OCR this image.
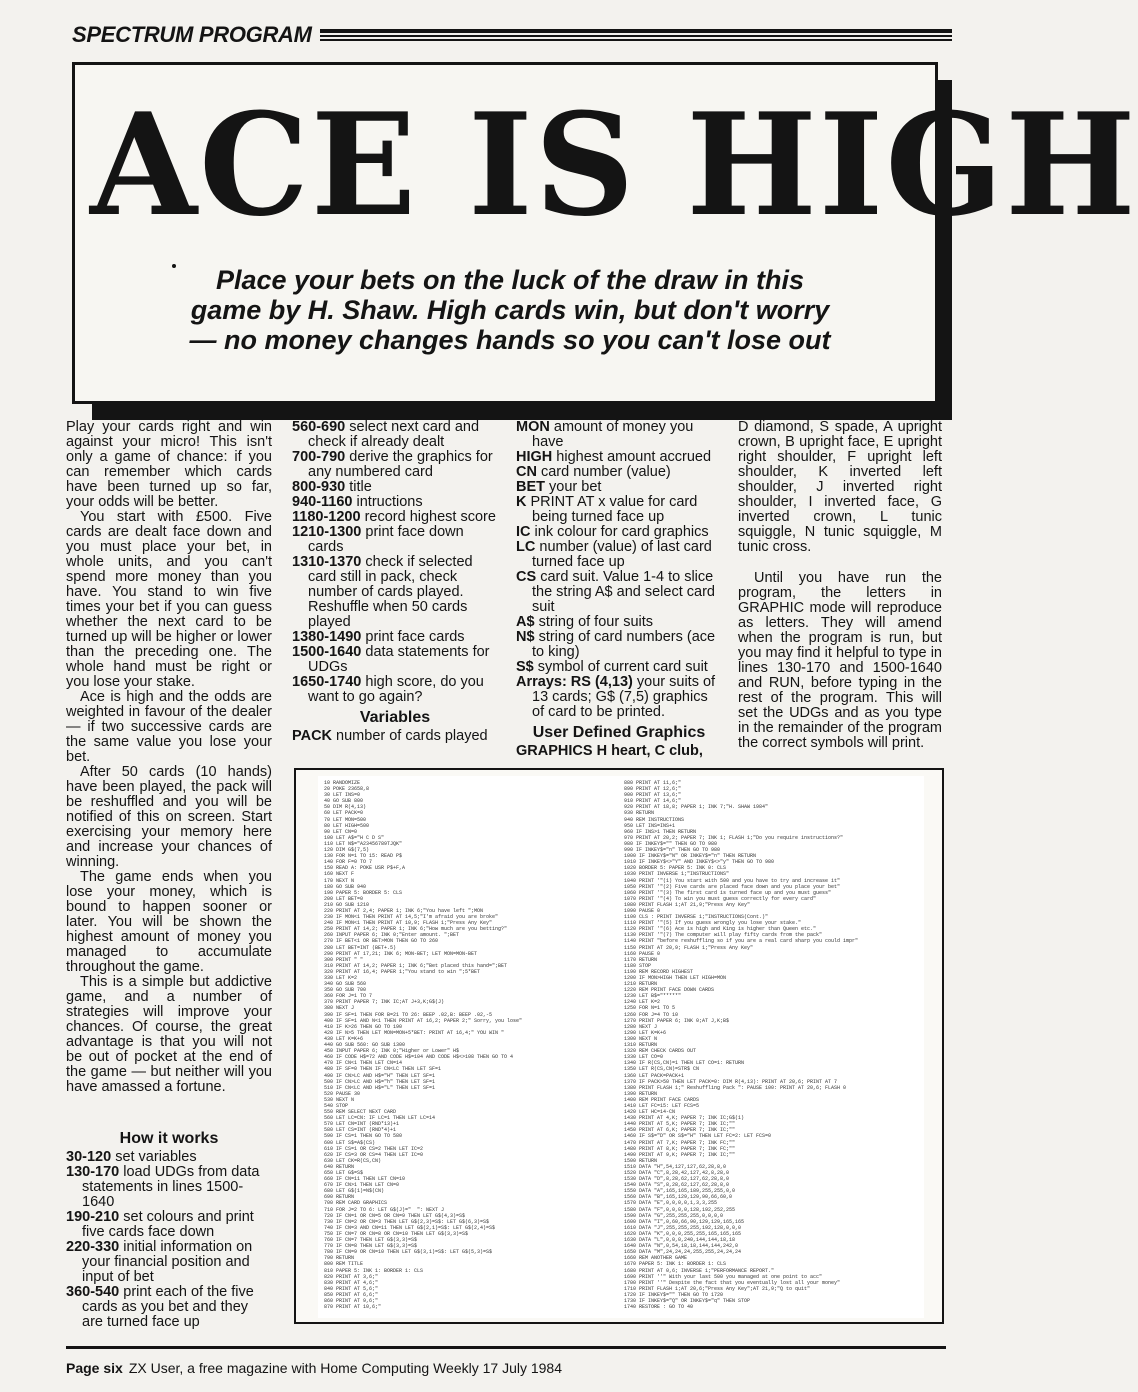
SPECTRUM PROGRAM
ACE IS HIGH
Place your bets on the luck of the draw in this game by H. Shaw. High cards win, but don't worry — no money changes hands so you can't lose out

Play your cards right and win against your micro! This isn't only a game of chance: if you can remember which cards have been turned up so far, your odds will be better.

You start with £500. Five cards are dealt face down and you must place your bet, in whole units, and you can't spend more money than you have. You stand to win five times your bet if you can guess whether the next card to be turned up will be higher or lower than the preceding one. The whole hand must be right or you lose your stake.

Ace is high and the odds are weighted in favour of the dealer — if two successive cards are the same value you lose your bet.

After 50 cards (10 hands) have been played, the pack will be reshuffled and you will be notified of this on screen. Start exercising your memory here and increase your chances of winning.

The game ends when you lose your money, which is bound to happen sooner or later. You will be shown the highest amount of money you managed to accumulate throughout the game.

This is a simple but addictive game, and a number of strategies will improve your chances. Of course, the great advantage is that you will not be out of pocket at the end of the game — but neither will you have amassed a fortune.

How it works
30-120 set variables
130-170 load UDGs from data statements in lines 1500-1640
190-210 set colours and print five cards face down
220-330 initial information on your financial position and input of bet
360-540 print each of the five cards as you bet and they are turned face up
560-690 select next card and check if already dealt
700-790 derive the graphics for any numbered card
800-930 title
940-1160 intructions
1180-1200 record highest score
1210-1300 print face down cards
1310-1370 check if selected card still in pack, check number of cards played. Reshuffle when 50 cards played
1380-1490 print face cards
1500-1640 data statements for UDGs
1650-1740 high score, do you want to go again?
Variables
PACK number of cards played
MON amount of money you have
HIGH highest amount accrued
CN card number (value)
BET your bet
K PRINT AT x value for card being turned face up
IC ink colour for card graphics
LC number (value) of last card turned face up
CS card suit. Value 1-4 to slice the string A$ and select card suit
A$ string of four suits
N$ string of card numbers (ace to king)
S$ symbol of current card suit
Arrays: RS (4,13) your suits of 13 cards; G$ (7,5) graphics of card to be printed.
User Defined Graphics
GRAPHICS H heart, C club,

D diamond, S spade, A upright crown, B upright face, E upright right shoulder, F upright left shoulder, K inverted left shoulder, J inverted right shoulder, I inverted face, G inverted crown, L tunic squiggle, N tunic squiggle, M tunic cross.

Until you have run the program, the letters in GRAPHIC mode will reproduce as letters. They will amend when the program is run, but you may find it helpful to type in lines 130-170 and 1500-1640 and RUN, before typing in the rest of the program. This will set the UDGs and as you type in the remainder of the program the correct symbols will print.

10 RANDOMIZE
20 POKE 23658,8
30 LET INS=0
40 GO SUB 800
50 DIM R(4,13)
60 LET PACK=0
70 LET MON=500
80 LET HIGH=500
90 LET CN=0
100 LET A$="H C D S"
110 LET N$="A23456789TJQK"
120 DIM G$(7,5)
130 FOR N=1 TO 15: READ P$
140 FOR F=0 TO 7
150 READ A: POKE USR P$+F,A
160 NEXT F
170 NEXT N
180 GO SUB 940
190 PAPER 5: BORDER 5: CLS
200 LET BET=0
210 GO SUB 1210
220 PRINT AT 2,4; PAPER 1; INK 6;"You have left ";MON
230 IF MON<1 THEN PRINT AT 14,5;"I'm afraid you are broke"
240 IF MON<1 THEN PRINT AT 10,9; FLASH 1;"Press Any Key"
250 PRINT AT 14,2; PAPER 1; INK 6;"How much are you betting?"
260 INPUT PAPER 6; INK 0;"Enter amount. ";BET
270 IF BET<1 OR BET>MON THEN GO TO 260
280 LET BET=INT (BET+.5)
290 PRINT AT 17,21; INK 6; MON-BET; LET MON=MON-BET
300 PRINT " "
310 PRINT AT 14,2; PAPER 1; INK 6;"Bet placed this hand=";BET
320 PRINT AT 16,4; PAPER 1;"You stand to win ";5*BET
330 LET K=2
340 GO SUB 560
350 GO SUB 700
360 FOR J=1 TO 7
370 PRINT PAPER 7; INK IC;AT J+3,K;G$(J)
380 NEXT J
390 IF SF=1 THEN FOR B=21 TO 26: BEEP .02,B: BEEP .02,-5
400 IF SF=1 AND N<1 THEN PRINT AT 16,2; PAPER 2;" Sorry, you lose"
410 IF K>26 THEN GO TO 190
420 IF N>5 THEN LET MON=MON+5*BET: PRINT AT 16,4;" YOU WIN "
430 LET K=K+6
440 GO SUB 560: GO SUB 1300
450 INPUT PAPER 6; INK 0;"Higher or Lower" H$
460 IF CODE H$=72 AND CODE H$=104 AND CODE H$<>108 THEN GO TO 4
470 IF CN<1 THEN LET CN=14
480 IF SF=0 THEN IF CN<LC THEN LET SF=1
490 IF CN>LC AND H$="H" THEN LET SF=1
500 IF CN>LC AND H$="h" THEN LET SF=1
510 IF CN<LC AND H$="L" THEN LET SF=1
520 PAUSE 30
530 NEXT N
540 STOP
550 REM SELECT NEXT CARD
560 LET LC=CN: IF LC=1 THEN LET LC=14
570 LET CN=INT (RND*13)+1
580 LET CS=INT (RND*4)+1
590 IF CS=1 THEN GO TO 580
600 LET S$=A$(CS)
610 IF CS=1 OR CS=2 THEN LET IC=2
620 IF CS=3 OR CS=4 THEN LET IC=0
630 LET CK=R(CS,CN)
640 RETURN
650 LET G$=S$
660 IF CN=11 THEN LET CN=10
670 IF CN>1 THEN LET CN=0
680 LET G$(1)=N$(CN)
690 RETURN
700 REM CARD GRAPHICS
710 FOR J=2 TO 6: LET G$(J)="  ": NEXT J
720 IF CN=1 OR CN=5 OR CN=9 THEN LET G$(4,3)=S$
730 IF CN=2 OR CN=3 THEN LET G$(2,3)=S$: LET G$(6,3)=S$
740 IF CN=3 AND CN=11 THEN LET G$(2,1)=S$: LET G$(2,4)=S$
750 IF CN=7 OR CN=8 OR CN=10 THEN LET G$(3,3)=S$
760 IF CN=7 THEN LET G$(3,3)=S$
770 IF CN=8 THEN LET G$(3,3)=S$
780 IF CN=9 OR CN=10 THEN LET G$(3,1)=S$: LET G$(5,3)=S$
790 RETURN
800 REM TITLE
810 PAPER 5: INK 1: BORDER 1: CLS
820 PRINT AT 3,6;"
830 PRINT AT 4,6;"
840 PRINT AT 5,6;"
850 PRINT AT 6,6;"
860 PRINT AT 9,6;"
870 PRINT AT 10,6;"
880 PRINT AT 11,6;"
890 PRINT AT 12,6;"
900 PRINT AT 13,6;"
910 PRINT AT 14,6;"
920 PRINT AT 18,8; PAPER 1; INK 7;"H. SHAW 1984"
930 RETURN
940 REM INSTRUCTIONS
950 LET INS=INS+1
960 IF INS>1 THEN RETURN
970 PRINT AT 20,2; PAPER 7; INK 1; FLASH 1;"Do you require instructions?"
980 IF INKEY$="" THEN GO TO 980
990 IF INKEY$="n" THEN GO TO 980
1000 IF INKEY$="N" OR INKEY$="n" THEN RETURN
1010 IF INKEY$<>"Y" AND INKEY$<>"y" THEN GO TO 980
1020 BORDER 5: PAPER 5: INK 0: CLS
1030 PRINT INVERSE 1;"INSTRUCTIONS"
1040 PRINT '"(1) You start with 500 and you have to try and increase it"
1050 PRINT '"(2) Five cards are placed face down and you place your bet"
1060 PRINT '"(3) The first card is turned face up and you must guess"
1070 PRINT '"(4) To win you must guess correctly for every card"
1080 PRINT FLASH 1;AT 21,9;"Press Any Key"
1090 PAUSE 0
1100 CLS : PRINT INVERSE 1;"INSTRUCTIONS(Cont.)"
1110 PRINT '"(5) If you guess wrongly you lose your stake."
1120 PRINT '"(6) Ace is high and King is higher than Queen etc."
1130 PRINT '"(7) The computer will play fifty cards from the pack"
1140 PRINT "before reshuffling so if you are a real card sharp you could impr"
1150 PRINT AT 20,9; FLASH 1;"Press Any Key"
1160 PAUSE 0
1170 RETURN
1180 STOP
1190 REM RECORD HIGHEST
1200 IF MON>HIGH THEN LET HIGH=MON
1210 RETURN
1220 REM PRINT FACE DOWN CARDS
1230 LET B$="*****"
1240 LET K=2
1250 FOR N=1 TO 5
1260 FOR J=4 TO 10
1270 PRINT PAPER 6; INK 0;AT J,K;B$
1280 NEXT J
1290 LET K=K+6
1300 NEXT N
1310 RETURN
1320 REM CHECK CARDS OUT
1330 LET CO=0
1340 IF R(CS,CN)=1 THEN LET CO=1: RETURN
1350 LET R(CS,CN)=STR$ CN
1360 LET PACK=PACK+1
1370 IF PACK>50 THEN LET PACK=0: DIM R(4,13): PRINT AT 20,6; PRINT AT 7
1380 PRINT FLASH 1;" Reshuffling Pack ": PAUSE 100: PRINT AT 20,6; FLASH 0
1390 RETURN
1400 REM PRINT FACE CARDS
1410 LET FC=15: LET FCS=5
1420 LET HC=14-CN
1430 PRINT AT 4,K; PAPER 7; INK IC;G$(1)
1440 PRINT AT 5,K; PAPER 7; INK IC;""
1450 PRINT AT 6,K; PAPER 7; INK IC;""
1460 IF S$="D" OR S$="H" THEN LET FC=2: LET FCS=0
1470 PRINT AT 7,K; PAPER 7; INK FC;""
1480 PRINT AT 8,K; PAPER 7; INK FC;""
1490 PRINT AT 9,K; PAPER 7; INK IC;""
1500 RETURN
1510 DATA "H",54,127,127,62,28,8,0
1520 DATA "C",8,28,42,127,42,8,28,0
1530 DATA "D",8,28,62,127,62,28,8,0
1540 DATA "S",8,28,62,127,62,28,8,0
1550 DATA "A",165,165,189,255,255,0,0
1560 DATA "B",165,129,129,90,66,60,0
1570 DATA "E",0,0,0,0,1,3,3,255
1580 DATA "F",0,0,0,0,128,192,252,255
1590 DATA "G",255,255,255,0,0,0,0
1600 DATA "I",0,60,66,90,129,129,165,165
1610 DATA "J",255,255,255,192,128,0,0,0
1620 DATA "K",0,0,0,255,255,165,165,165
1630 DATA "L",0,0,0,240,144,144,18,18
1640 DATA "N",0,54,18,18,144,144,242,0
1650 DATA "M",24,24,24,255,255,24,24,24
1660 REM ANOTHER GAME
1670 PAPER 5: INK 1: BORDER 1: CLS
1680 PRINT AT 0,6; INVERSE 1;"PERFORMANCE REPORT."
1690 PRINT ''" With your last 500 you managed at one point to acc"
1700 PRINT ''" Despite the fact that you eventually lost all your money"
1710 PRINT FLASH 1;AT 20,6;"Press Any Key";AT 21,9;"Q to quit"
1720 IF INKEY$="" THEN GO TO 1720
1730 IF INKEY$="Q" OR INKEY$="q" THEN STOP
1740 RESTORE : GO TO 40
Page six ZX User, a free magazine with Home Computing Weekly 17 July 1984
